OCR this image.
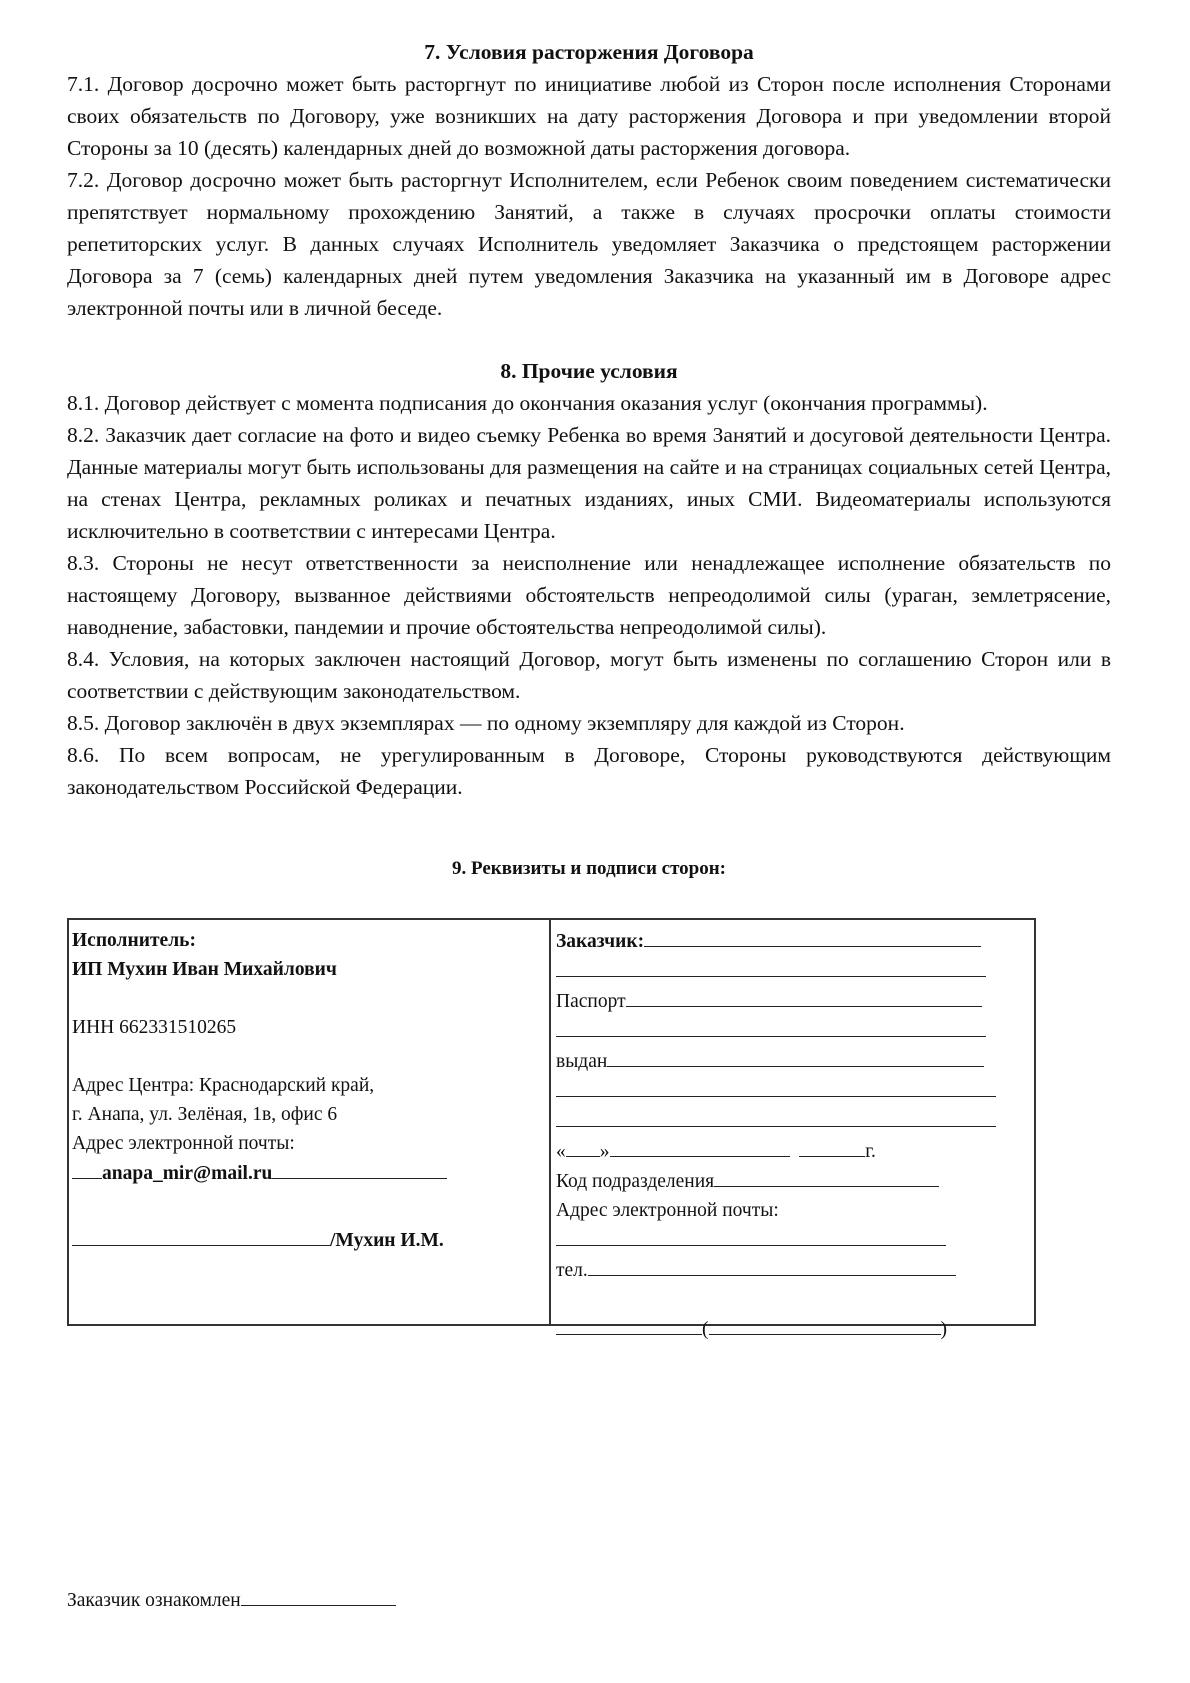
7. Условия расторжения Договора

7.1. Договор досрочно может быть расторгнут по инициативе любой из Сторон после исполнения Сторонами своих обязательств по Договору, уже возникших на дату расторжения Договора и при уведомлении второй Стороны за 10 (десять) календарных дней до возможной даты расторжения договора.

7.2. Договор досрочно может быть расторгнут Исполнителем, если Ребенок своим поведением систематически препятствует нормальному прохождению Занятий, а также в случаях просрочки оплаты стоимости репетиторских услуг. В данных случаях Исполнитель уведомляет Заказчика о предстоящем расторжении Договора за 7 (семь) календарных дней путем уведомления Заказчика на указанный им в Договоре адрес электронной почты или в личной беседе.

8. Прочие условия

8.1. Договор действует с момента подписания до окончания оказания услуг (окончания программы).

8.2. Заказчик дает согласие на фото и видео съемку Ребенка во время Занятий и досуговой деятельности Центра. Данные материалы могут быть использованы для размещения на сайте и на страницах социальных сетей Центра, на стенах Центра, рекламных роликах и печатных изданиях, иных СМИ. Видеоматериалы используются исключительно в соответствии с интересами Центра.

8.3. Стороны не несут ответственности за неисполнение или ненадлежащее исполнение обязательств по настоящему Договору, вызванное действиями обстоятельств непреодолимой силы (ураган, землетрясение, наводнение, забастовки, пандемии и прочие обстоятельства непреодолимой силы).

8.4. Условия, на которых заключен настоящий Договор, могут быть изменены по соглашению Сторон или в соответствии с действующим законодательством.

8.5. Договор заключён в двух экземплярах — по одному экземпляру для каждой из Сторон.

8.6. По всем вопросам, не урегулированным в Договоре, Стороны руководствуются действующим законодательством Российской Федерации.

9. Реквизиты и подписи сторон:
Исполнитель:
ИП Мухин Иван Михайлович
ИНН 662331510265
Адрес Центра: Краснодарский край,
г. Анапа, ул. Зелёная, 1в, офис 6
Адрес электронной почты:
anapa_mir@mail.ru
/Мухин И.М.
Заказчик:
Паспорт
выдан
« »	г.
Код подразделения
Адрес электронной почты:
тел.
(	)
Заказчик ознакомлен
